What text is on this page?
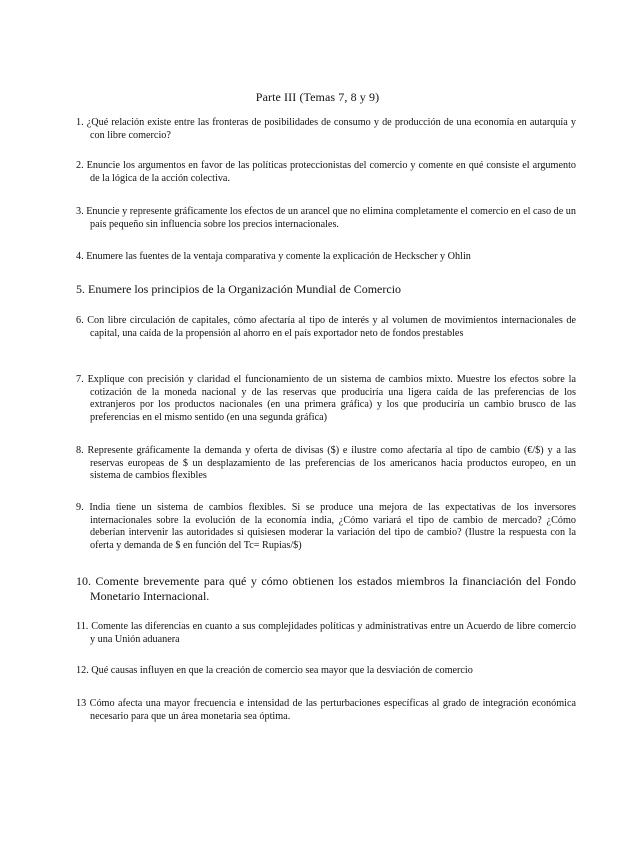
Parte III (Temas 7, 8 y 9)
1. ¿Qué relación existe entre las fronteras de posibilidades de consumo y de producción de una economía en autarquía y con libre comercio?
2. Enuncie los argumentos en favor de las políticas proteccionistas del comercio y comente en qué consiste el argumento de la lógica de la acción colectiva.
3. Enuncie y represente gráficamente los efectos de un arancel que no elimina completamente el comercio en el caso de un país pequeño sin influencia sobre los precios internacionales.
4. Enumere las fuentes de la ventaja comparativa y comente la explicación de Heckscher y Ohlin
5. Enumere los principios de la Organización Mundial de Comercio
6. Con libre circulación de capitales, cómo afectaría al tipo de interés y al volumen de movimientos internacionales de capital, una caída de la propensión al ahorro en el país exportador neto de fondos prestables
7. Explique con precisión y claridad el funcionamiento de un sistema de cambios mixto. Muestre los efectos sobre la cotización de la moneda nacional y de las reservas que produciría una ligera caída de las preferencias de los extranjeros por los productos nacionales (en una primera gráfica) y los que produciría un cambio brusco de las preferencias en el mismo sentido (en una segunda gráfica)
8. Represente gráficamente la demanda y oferta de divisas ($) e ilustre como afectaría al tipo de cambio (€/$) y a las reservas europeas de $ un desplazamiento de las preferencias de los americanos hacia productos europeo, en un sistema de cambios flexibles
9. India tiene un sistema de cambios flexibles. Si se produce una mejora de las expectativas de los inversores internacionales sobre la evolución de la economía india, ¿Cómo variará el tipo de cambio de mercado? ¿Cómo deberían intervenir las autoridades si quisiesen moderar la variación del tipo de cambio? (Ilustre la respuesta con la oferta y demanda de $ en función del Tc= Rupias/$)
10. Comente brevemente para qué y cómo obtienen los estados miembros la financiación del Fondo Monetario Internacional.
11. Comente las diferencias en cuanto a sus complejidades políticas y administrativas entre un Acuerdo de libre comercio y una Unión aduanera
12. Qué causas influyen en que la creación de comercio sea mayor que la desviación de comercio
13 Cómo afecta una mayor frecuencia e intensidad de las perturbaciones específicas al grado de integración económica necesario para que un área monetaria sea óptima.
